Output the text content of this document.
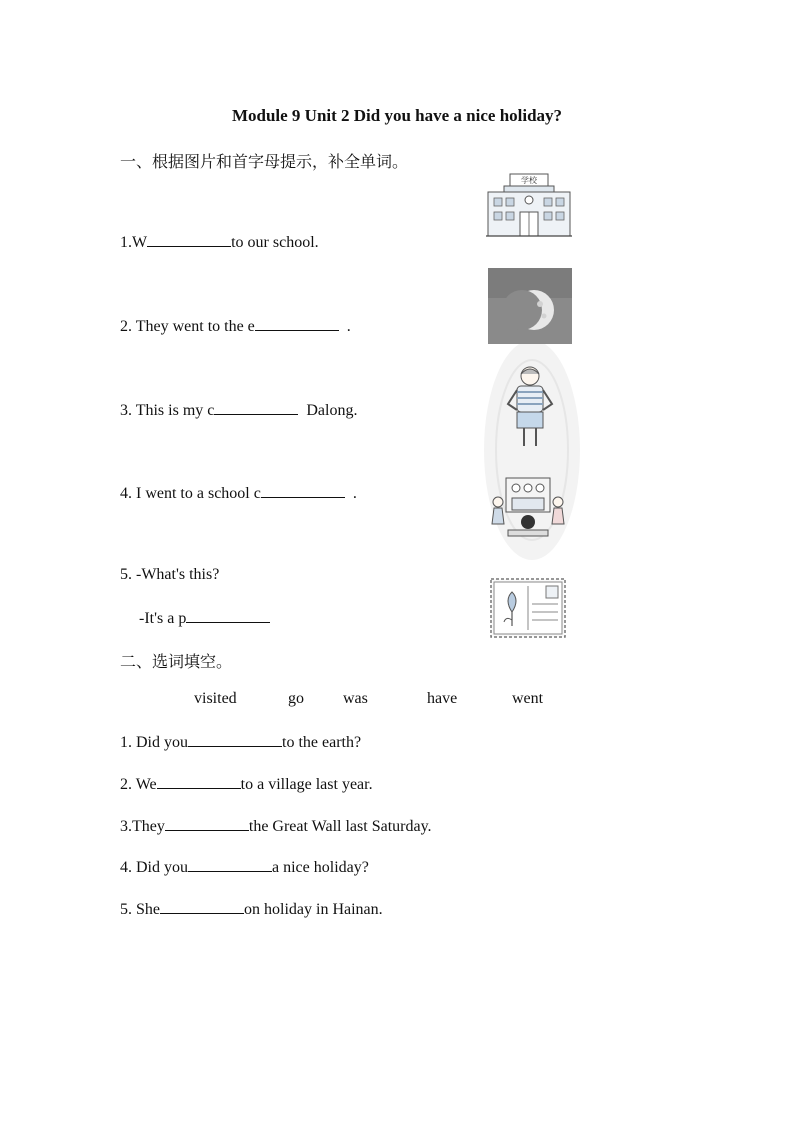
Module 9 Unit 2 Did you have a nice holiday?
一、根据图片和首字母提示，补全单词。
1.W	to our school.
2. They went to the e	.
3. This is my c	Dalong.
4. I went to a school c	.
5. -What's this?
-It's a p
学校
二、选词填空。
visited	go was	have	went
1. Did you	to the earth?
2. We	to a village last year.
3.They	the Great Wall last Saturday.
4. Did you	a nice holiday?
5. She	on holiday in Hainan.
